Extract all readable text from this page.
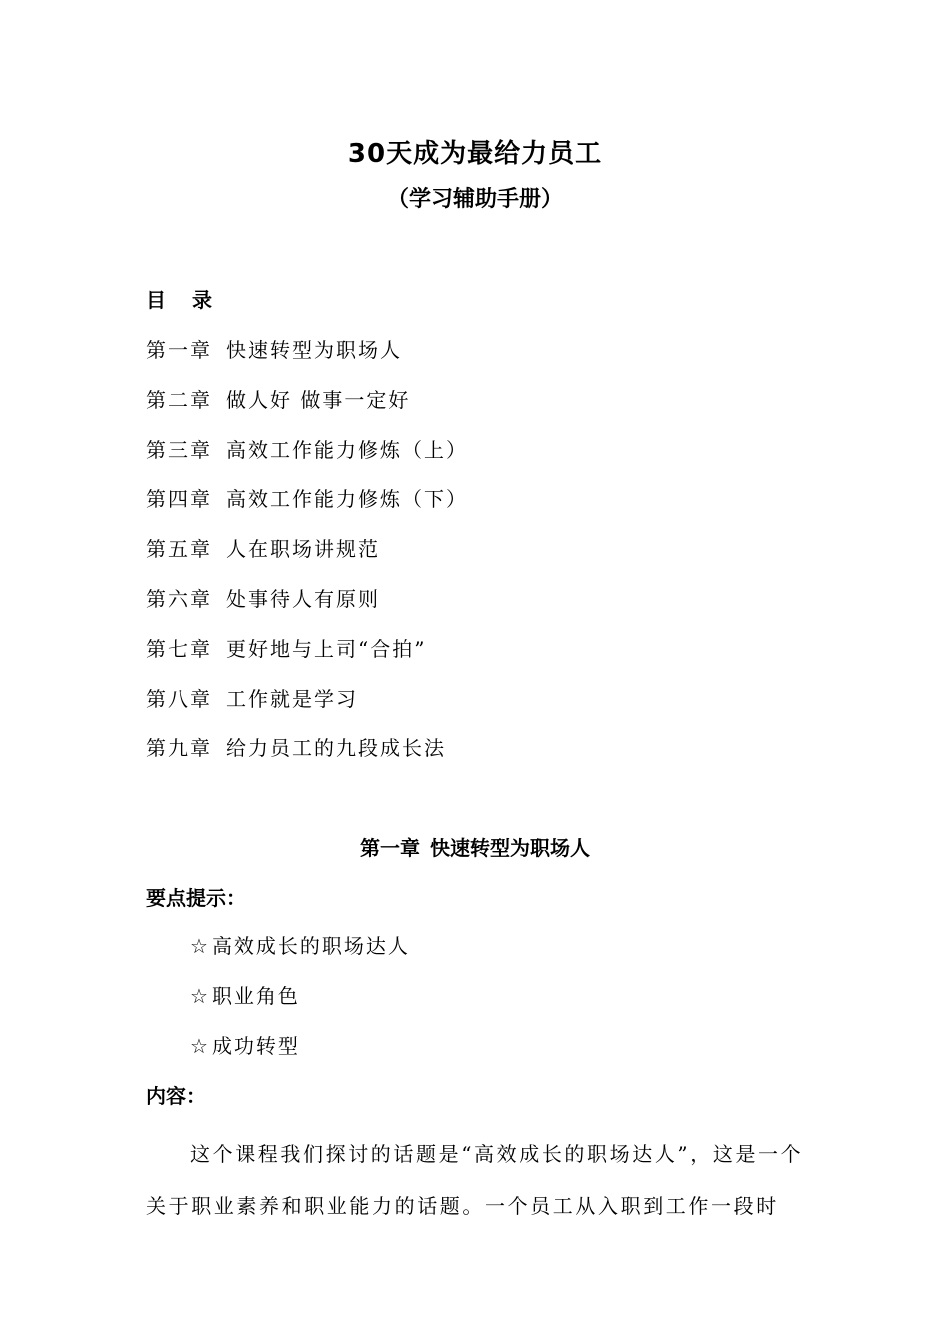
30天成为最给力员工
（学习辅助手册）
目 录
第一章 快速转型为职场人
第二章 做人好 做事一定好
第三章 高效工作能力修炼（上）
第四章 高效工作能力修炼（下）
第五章 人在职场讲规范
第六章 处事待人有原则
第七章 更好地与上司“合拍”
第八章 工作就是学习
第九章 给力员工的九段成长法
第一章 快速转型为职场人
要点提示：
☆ 高效成长的职场达人
☆ 职业角色
☆ 成功转型
内容：

这个课程我们探讨的话题是“高效成长的职场达人”，这是一个关于职业素养和职业能力的话题。一个员工从入职到工作一段时
